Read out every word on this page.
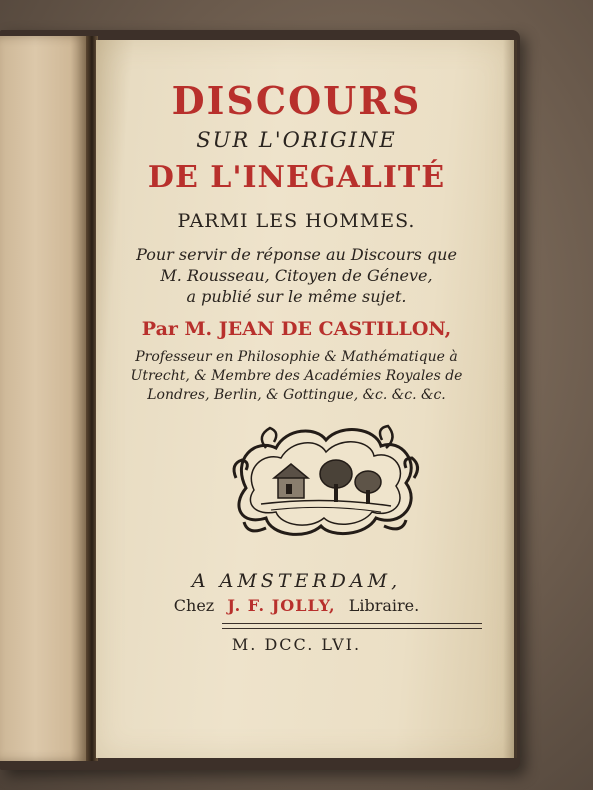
DISCOURS
SUR L'ORIGINE
DE L'INEGALITÉ
PARMI LES HOMMES.
Pour servir de réponse au Discours que
M. Rousseau, Citoyen de Géneve,
a publié sur le même sujet.
Par M. JEAN DE CASTILLON,
Professeur en Philosophie & Mathématique à
Utrecht, & Membre des Académies Royales de
Londres, Berlin, & Gottingue, &c. &c. &c.
A AMSTERDAM,
Chez J. F. JOLLY, Libraire.
M. DCC. LVI.
